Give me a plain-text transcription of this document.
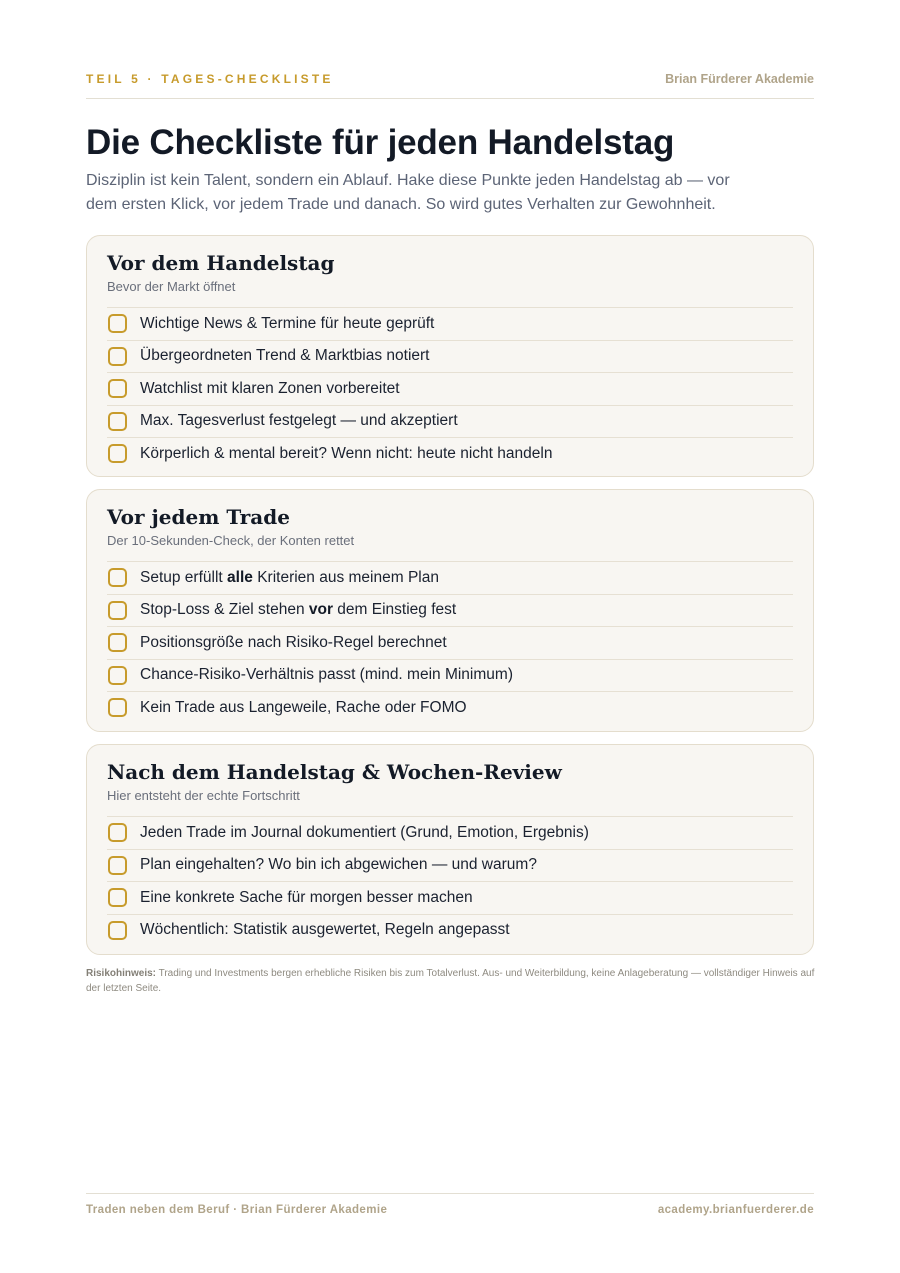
TEIL 5 · TAGES-CHECKLISTE	Brian Fürderer Akademie
Die Checkliste für jeden Handelstag

Disziplin ist kein Talent, sondern ein Ablauf. Hake diese Punkte jeden Handelstag ab — vor dem ersten Klick, vor jedem Trade und danach. So wird gutes Verhalten zur Gewohnheit.

Vor dem Handelstag
Bevor der Markt öffnet
Wichtige News & Termine für heute geprüft
Übergeordneten Trend & Marktbias notiert
Watchlist mit klaren Zonen vorbereitet
Max. Tagesverlust festgelegt — und akzeptiert
Körperlich & mental bereit? Wenn nicht: heute nicht handeln
Vor jedem Trade
Der 10-Sekunden-Check, der Konten rettet
Setup erfüllt alle Kriterien aus meinem Plan
Stop-Loss & Ziel stehen vor dem Einstieg fest
Positionsgröße nach Risiko-Regel berechnet
Chance-Risiko-Verhältnis passt (mind. mein Minimum)
Kein Trade aus Langeweile, Rache oder FOMO
Nach dem Handelstag & Wochen-Review
Hier entsteht der echte Fortschritt
Jeden Trade im Journal dokumentiert (Grund, Emotion, Ergebnis)
Plan eingehalten? Wo bin ich abgewichen — und warum?
Eine konkrete Sache für morgen besser machen
Wöchentlich: Statistik ausgewertet, Regeln angepasst

Risikohinweis: Trading und Investments bergen erhebliche Risiken bis zum Totalverlust. Aus- und Weiterbildung, keine Anlageberatung — vollständiger Hinweis auf der letzten Seite.

Traden neben dem Beruf · Brian Fürderer Akademie	academy.brianfuerderer.de
